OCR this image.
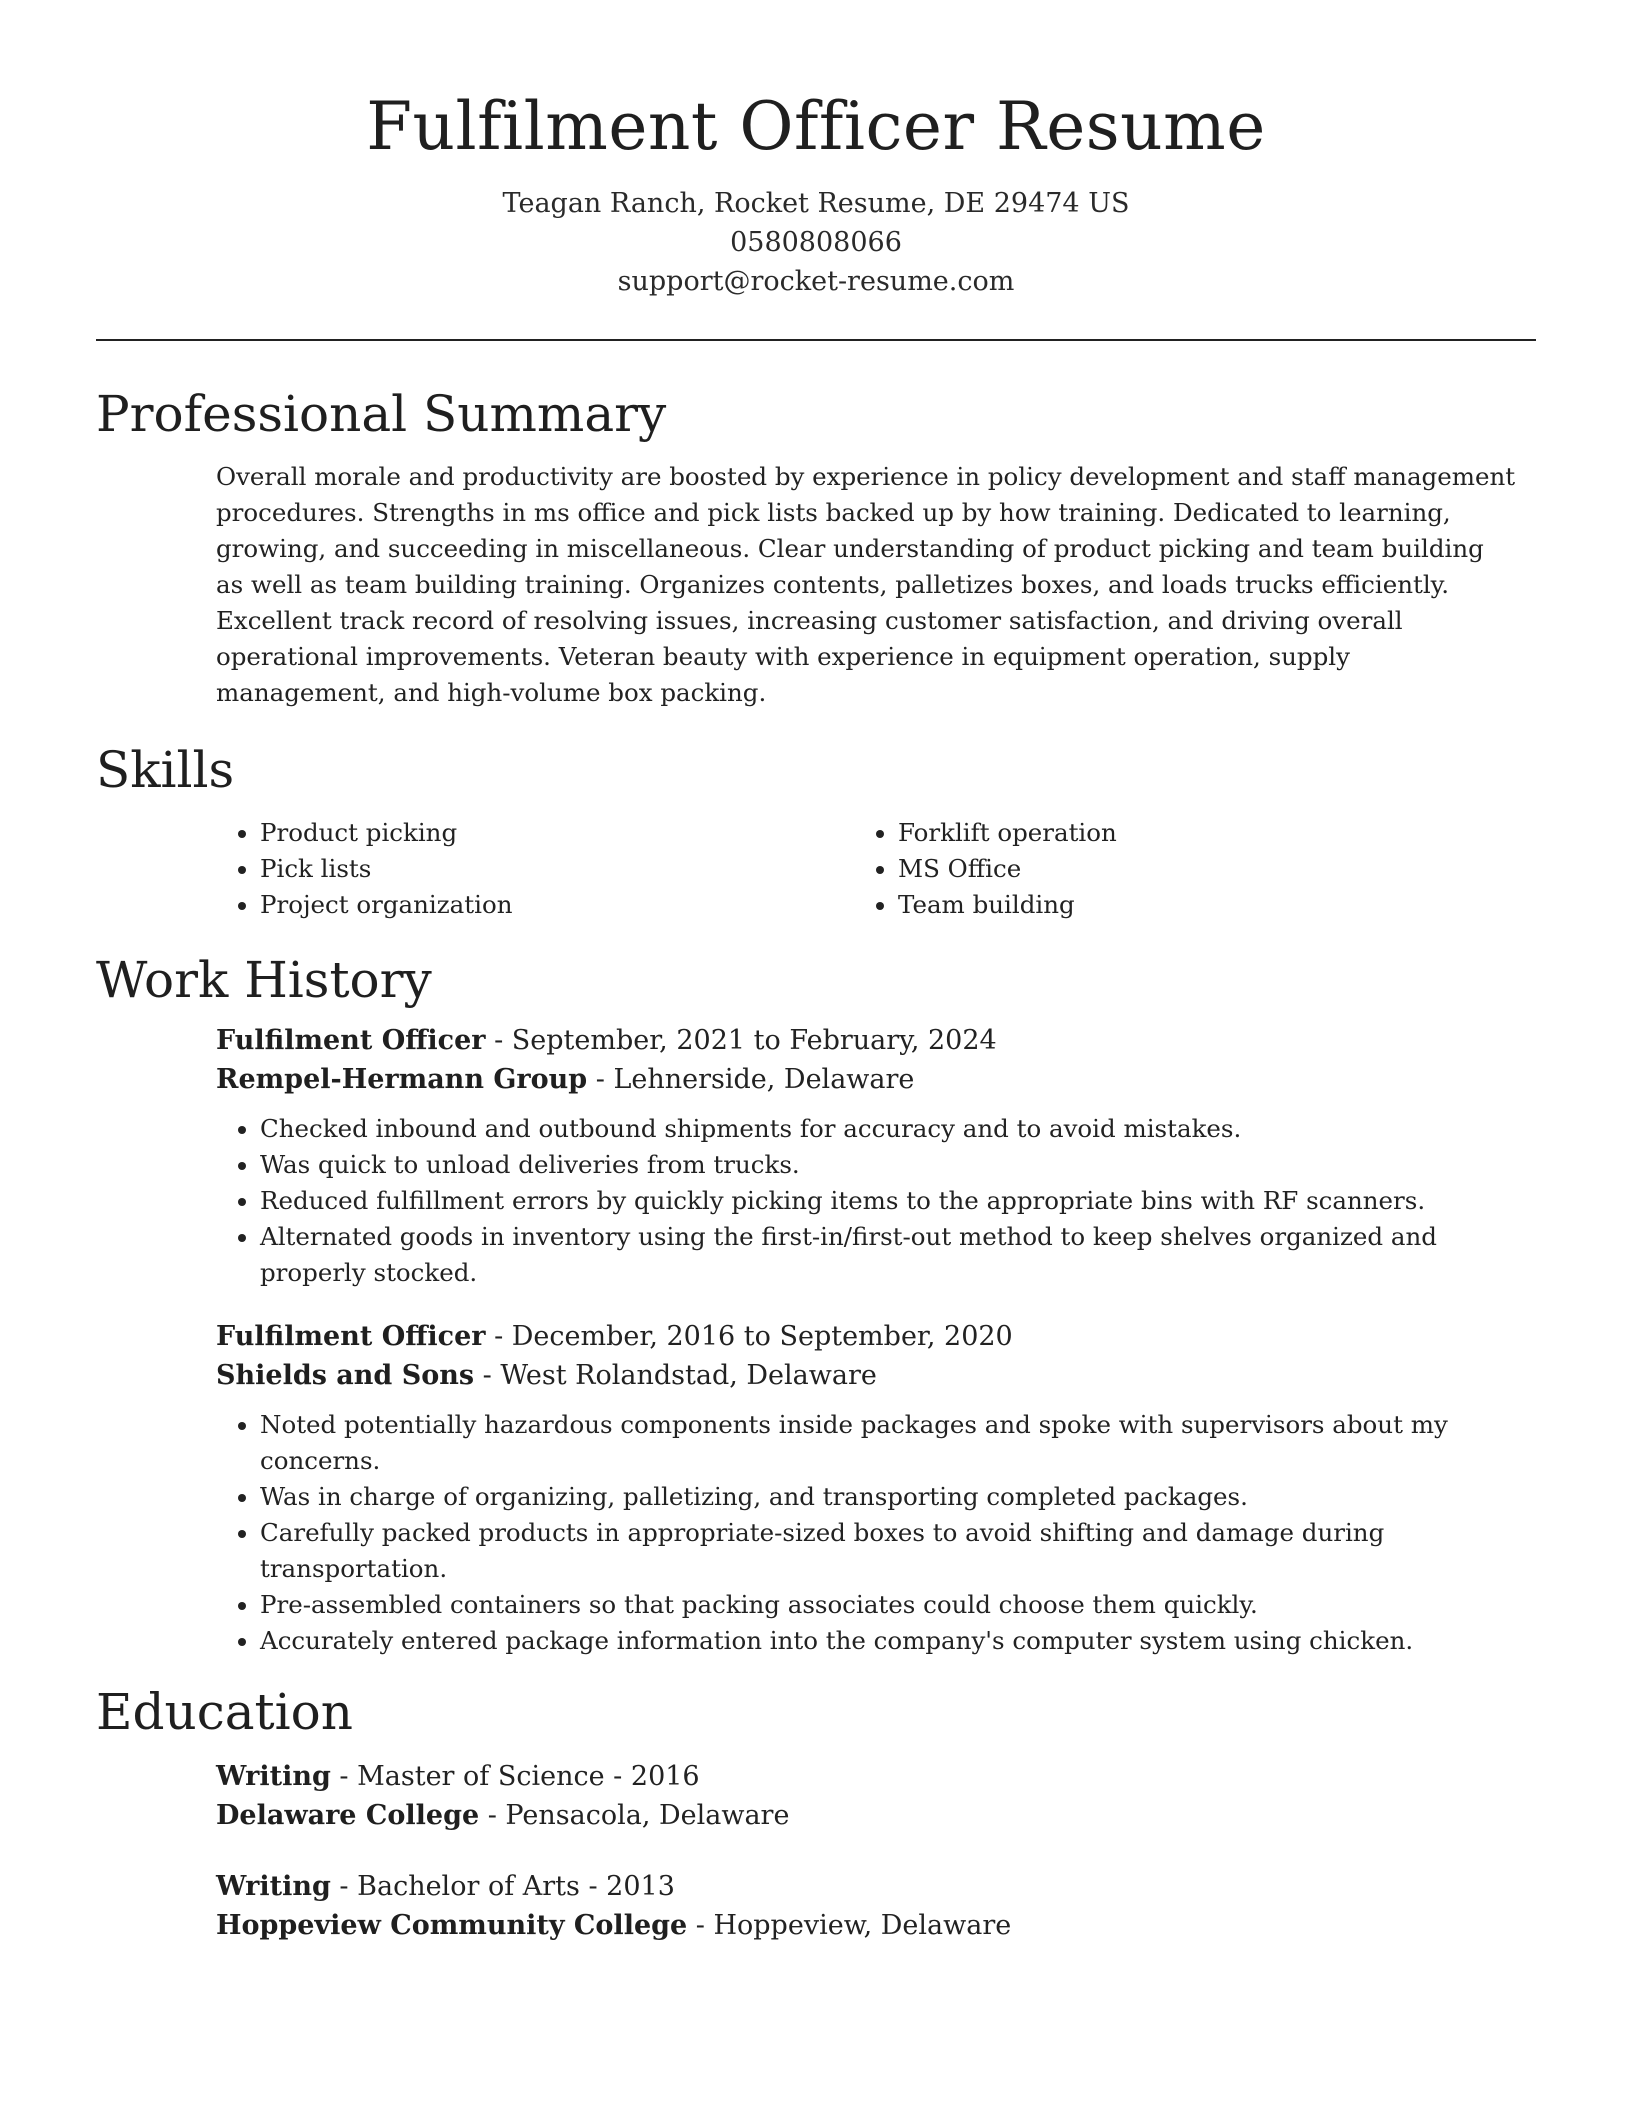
Fulfilment Officer Resume
Teagan Ranch, Rocket Resume, DE 29474 US
0580808066
support@rocket-resume.com
Professional Summary

Overall morale and productivity are boosted by experience in policy development and staff management procedures. Strengths in ms office and pick lists backed up by how training. Dedicated to learning, growing, and succeeding in miscellaneous. Clear understanding of product picking and team building as well as team building training. Organizes contents, palletizes boxes, and loads trucks efficiently. Excellent track record of resolving issues, increasing customer satisfaction, and driving overall operational improvements. Veteran beauty with experience in equipment operation, supply management, and high-volume box packing.

Skills
• Product picking
• Pick lists
• Project organization
• Forklift operation
• MS Office
• Team building
Work History

Fulfilment Officer - September, 2021 to February, 2024

Rempel-Hermann Group - Lehnerside, Delaware

• Checked inbound and outbound shipments for accuracy and to avoid mistakes.
• Was quick to unload deliveries from trucks.
• Reduced fulfillment errors by quickly picking items to the appropriate bins with RF scanners.
• Alternated goods in inventory using the first-in/first-out method to keep shelves organized and properly stocked.

Fulfilment Officer - December, 2016 to September, 2020

Shields and Sons - West Rolandstad, Delaware

• Noted potentially hazardous components inside packages and spoke with supervisors about my concerns.
• Was in charge of organizing, palletizing, and transporting completed packages.
• Carefully packed products in appropriate-sized boxes to avoid shifting and damage during transportation.
• Pre-assembled containers so that packing associates could choose them quickly.
• Accurately entered package information into the company's computer system using chicken.
Education

Writing - Master of Science - 2016

Delaware College - Pensacola, Delaware

Writing - Bachelor of Arts - 2013

Hoppeview Community College - Hoppeview, Delaware
